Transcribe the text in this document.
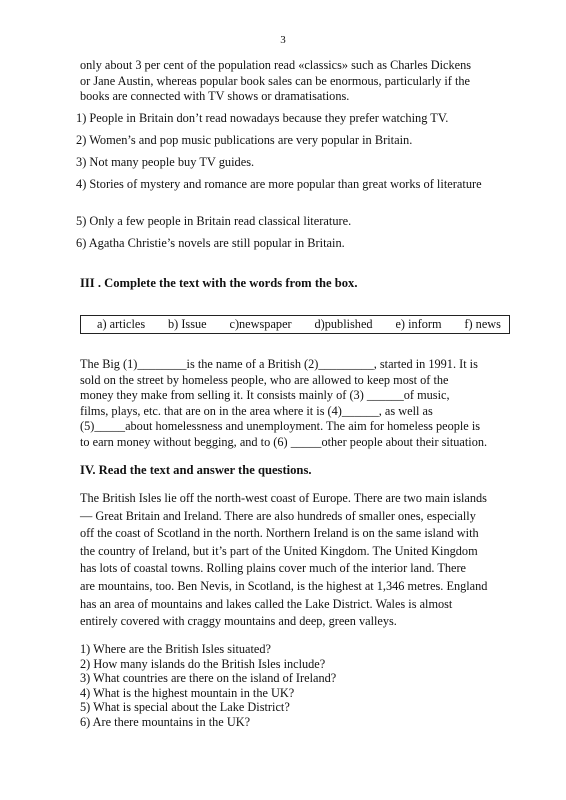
3
only about 3 per cent of the population read «classics» such as Charles Dickens
or Jane Austin, whereas popular book sales can be enormous, particularly if the
books are connected with TV shows or dramatisations.

1) People in Britain don’t read nowadays because they prefer watching TV.

2) Women’s and pop music publications are very popular in Britain.

3) Not many people buy TV guides.

4) Stories of mystery and romance are more popular than great works of literature

5) Only a few people in Britain read classical literature.

6) Agatha Christie’s novels are still popular in Britain.

III . Complete the text with the words from the box.

a) articles b) Issue c)newspaper d)published e) inform f) news
The Big (1)________is the name of a British (2)_________, started in 1991. It is
sold on the street by homeless people, who are allowed to keep most of the
money they make from selling it. It consists mainly of (3) ______of music,
films, plays, etc. that are on in the area where it is (4)______, as well as
(5)_____about homelessness and unemployment. The aim for homeless people is
to earn money without begging, and to (6) _____other people about their situation.

IV. Read the text and answer the questions.

The British Isles lie off the north-west coast of Europe. There are two main islands
— Great Britain and Ireland. There are also hundreds of smaller ones, especially
off the coast of Scotland in the north. Northern Ireland is on the same island with
the country of Ireland, but it’s part of the United Kingdom. The United Kingdom
has lots of coastal towns. Rolling plains cover much of the interior land. There
are mountains, too. Ben Nevis, in Scotland, is the highest at 1,346 metres. England
has an area of mountains and lakes called the Lake District. Wales is almost
entirely covered with craggy mountains and deep, green valleys.
1) Where are the British Isles situated?
2) How many islands do the British Isles include?
3) What countries are there on the island of Ireland?
4) What is the highest mountain in the UK?
5) What is special about the Lake District?
6) Are there mountains in the UK?
